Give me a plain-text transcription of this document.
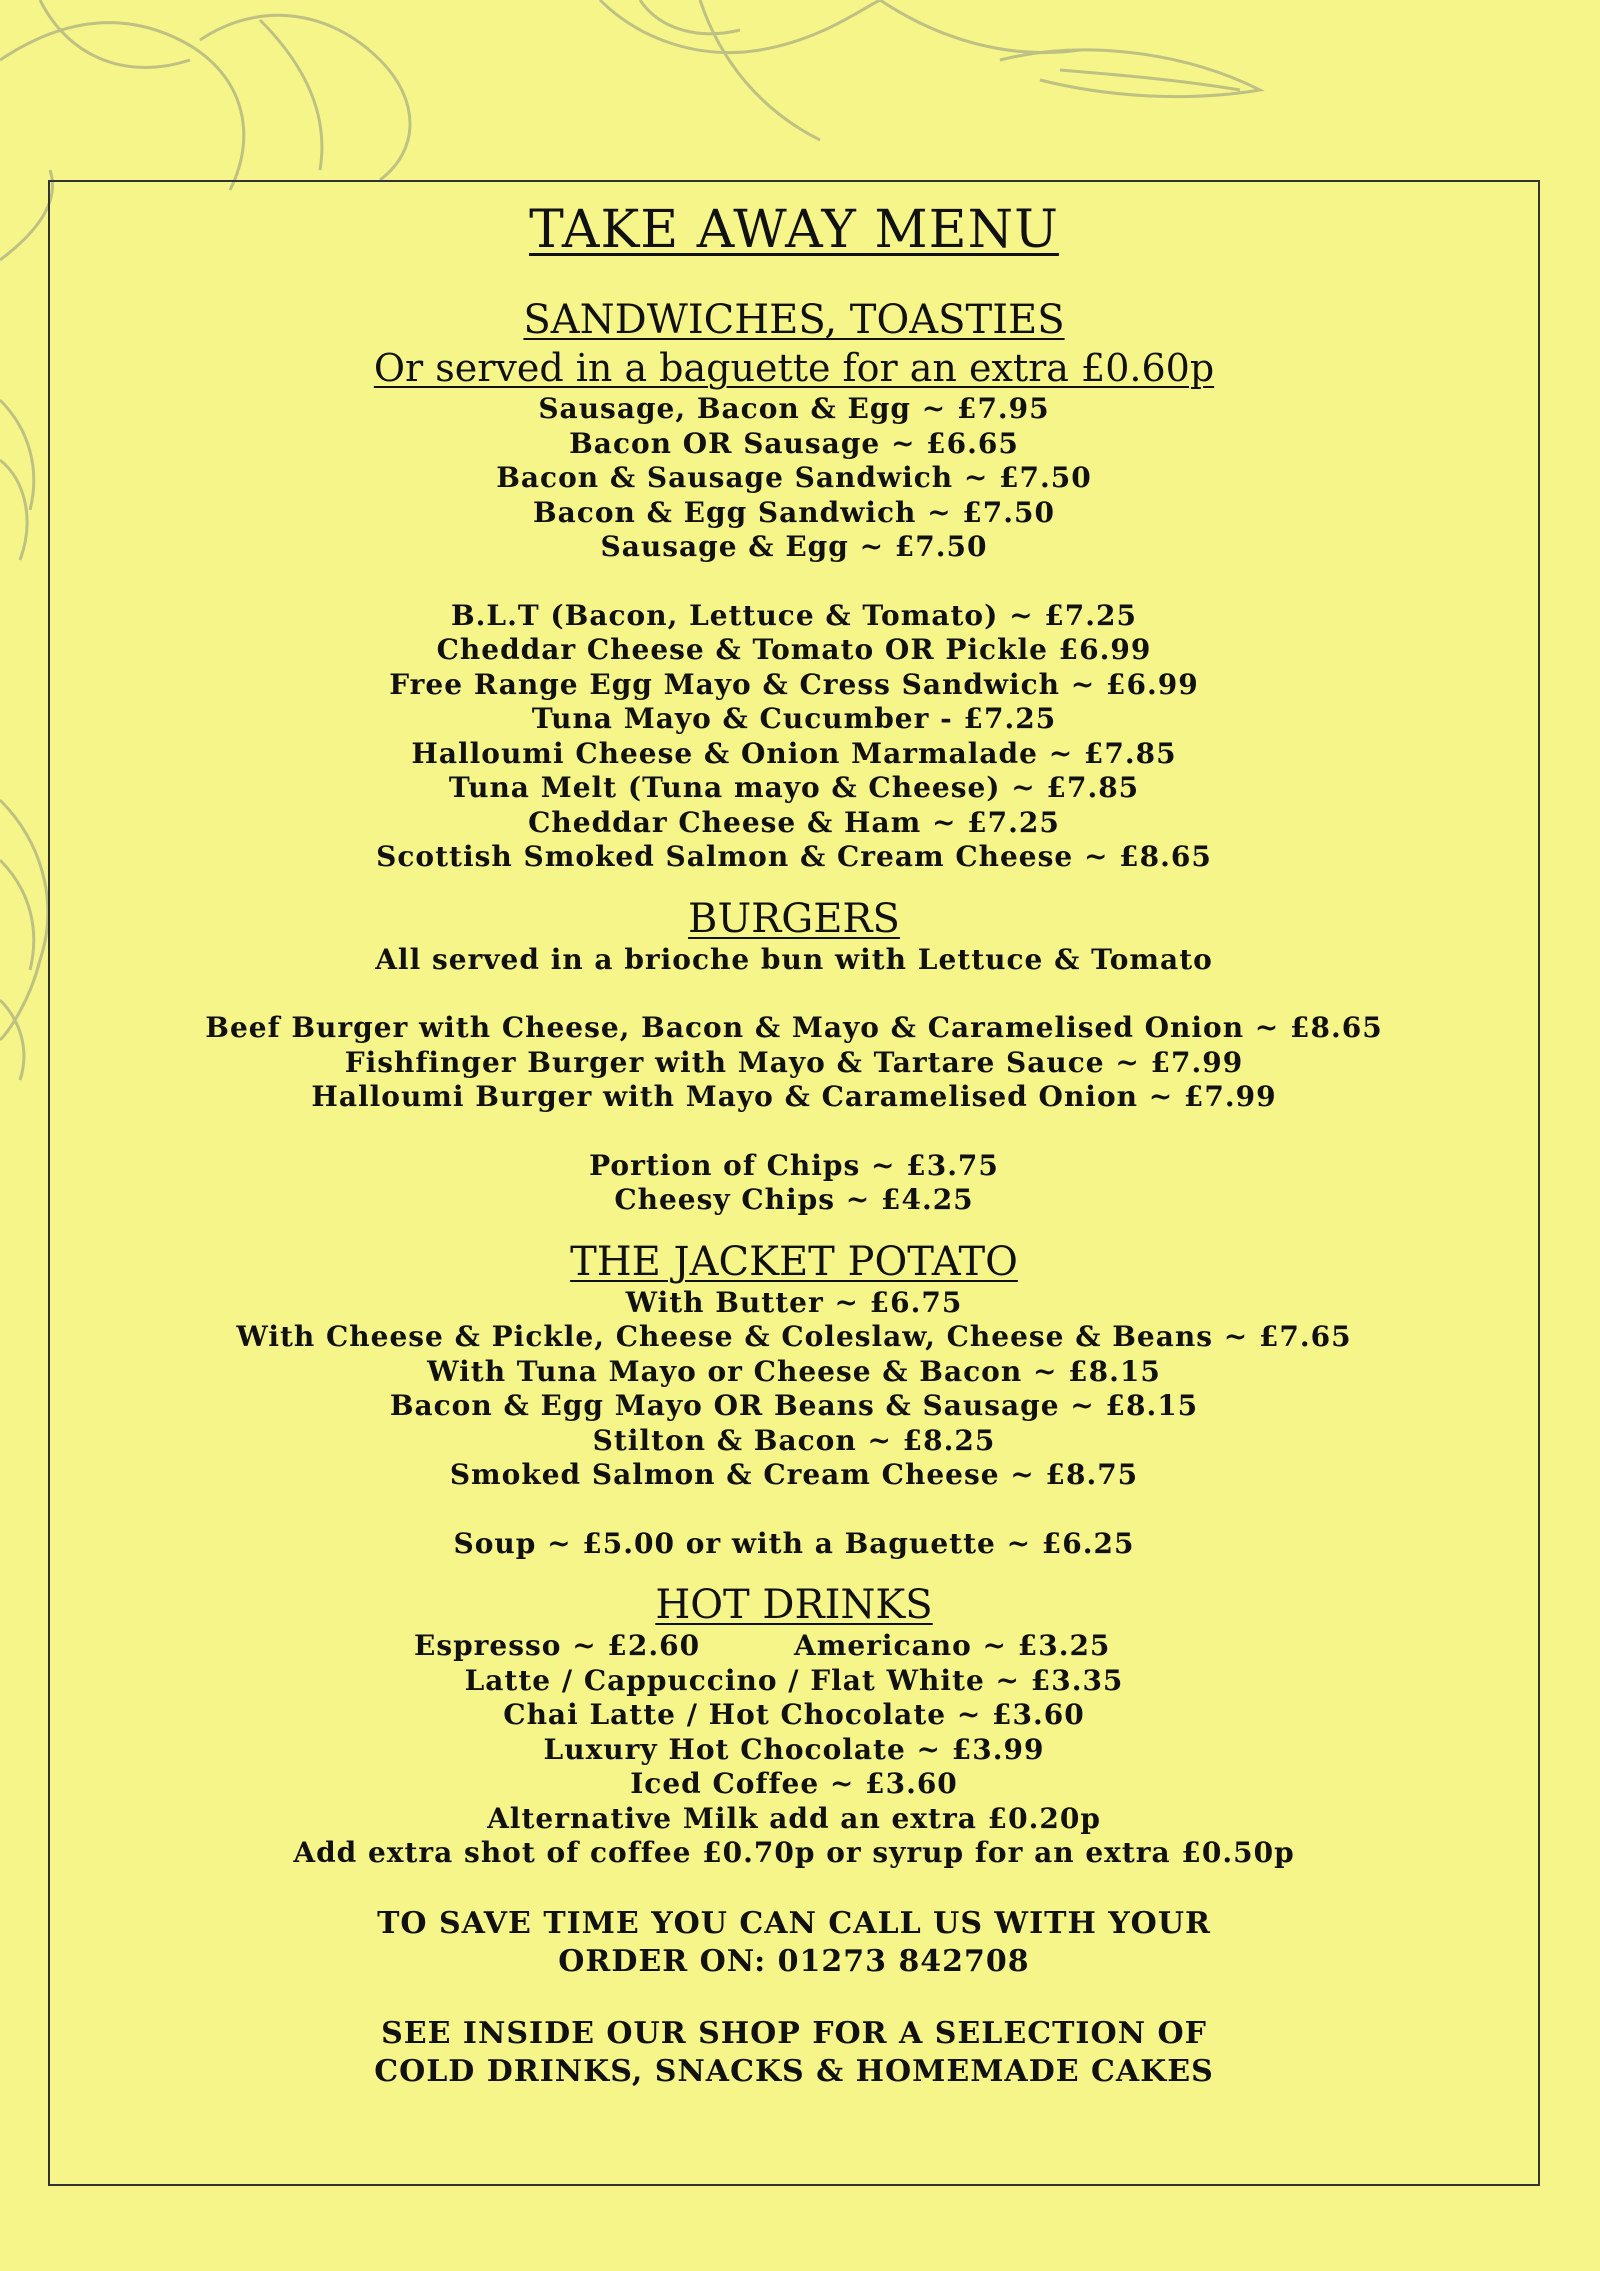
TAKE AWAY MENU
SANDWICHES, TOASTIES
Or served in a baguette for an extra £0.60p
Sausage, Bacon & Egg ~ £7.95
Bacon OR Sausage ~ £6.65
Bacon & Sausage Sandwich ~ £7.50
Bacon & Egg Sandwich ~ £7.50
Sausage & Egg ~ £7.50
B.L.T (Bacon, Lettuce & Tomato) ~ £7.25
Cheddar Cheese & Tomato OR Pickle £6.99
Free Range Egg Mayo & Cress Sandwich ~ £6.99
Tuna Mayo & Cucumber - £7.25
Halloumi Cheese & Onion Marmalade ~ £7.85
Tuna Melt (Tuna mayo & Cheese) ~ £7.85
Cheddar Cheese & Ham ~ £7.25
Scottish Smoked Salmon & Cream Cheese ~ £8.65
BURGERS
All served in a brioche bun with Lettuce & Tomato
Beef Burger with Cheese, Bacon & Mayo & Caramelised Onion ~ £8.65
Fishfinger Burger with Mayo & Tartare Sauce ~ £7.99
Halloumi Burger with Mayo & Caramelised Onion ~ £7.99
Portion of Chips ~ £3.75
Cheesy Chips ~ £4.25
THE JACKET POTATO
With Butter ~ £6.75
With Cheese & Pickle, Cheese & Coleslaw, Cheese & Beans ~ £7.65
With Tuna Mayo or Cheese & Bacon ~ £8.15
Bacon & Egg Mayo OR Beans & Sausage ~ £8.15
Stilton & Bacon ~ £8.25
Smoked Salmon & Cream Cheese ~ £8.75
Soup ~ £5.00 or with a Baguette ~ £6.25
HOT DRINKS
Espresso ~ £2.60	Americano ~ £3.25
Latte / Cappuccino / Flat White ~ £3.35
Chai Latte / Hot Chocolate ~ £3.60
Luxury Hot Chocolate ~ £3.99
Iced Coffee ~ £3.60
Alternative Milk add an extra £0.20p
Add extra shot of coffee £0.70p or syrup for an extra £0.50p
TO SAVE TIME YOU CAN CALL US WITH YOUR
ORDER ON: 01273 842708
SEE INSIDE OUR SHOP FOR A SELECTION OF
COLD DRINKS, SNACKS & HOMEMADE CAKES
